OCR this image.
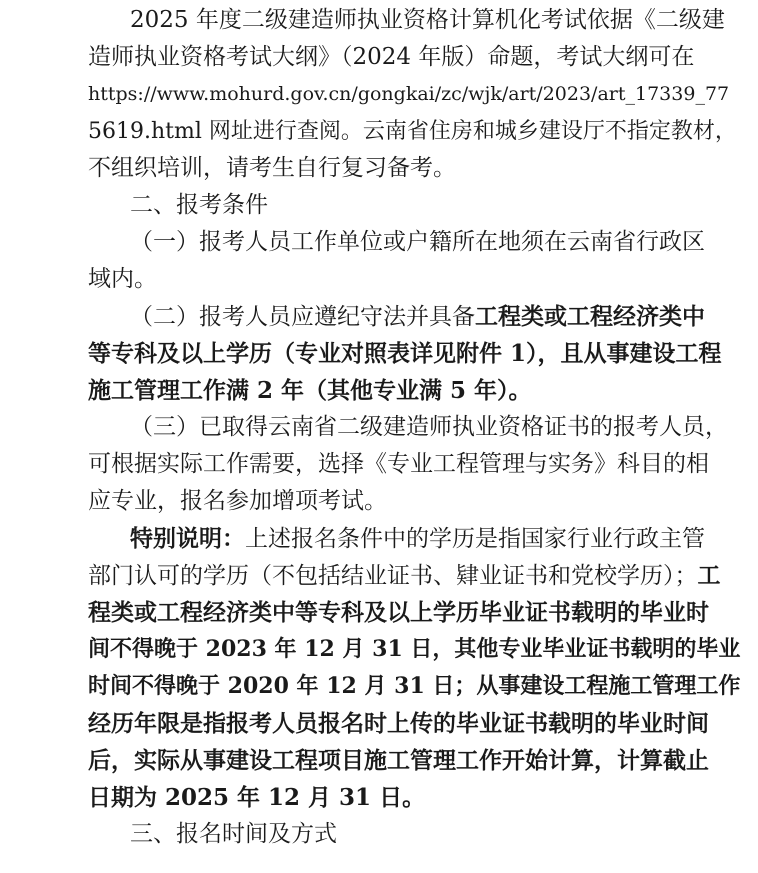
2025 年度二级建造师执业资格计算机化考试依据《二级建
造师执业资格考试大纲》（2024 年版）命题，考试大纲可在
https://www.mohurd.gov.cn/gongkai/zc/wjk/art/2023/art_17339_77
5619.html 网址进行查阅。云南省住房和城乡建设厅不指定教材，
不组织培训，请考生自行复习备考。
二、报考条件
（一）报考人员工作单位或户籍所在地须在云南省行政区
域内。
（二）报考人员应遵纪守法并具备工程类或工程经济类中
等专科及以上学历（专业对照表详见附件 1），且从事建设工程
施工管理工作满 2 年（其他专业满 5 年）。
（三）已取得云南省二级建造师执业资格证书的报考人员，
可根据实际工作需要，选择《专业工程管理与实务》科目的相
应专业，报名参加增项考试。
特别说明：上述报名条件中的学历是指国家行业行政主管
部门认可的学历（不包括结业证书、肄业证书和党校学历）；工
程类或工程经济类中等专科及以上学历毕业证书载明的毕业时
间不得晚于 2023 年 12 月 31 日，其他专业毕业证书载明的毕业
时间不得晚于 2020 年 12 月 31 日；从事建设工程施工管理工作
经历年限是指报考人员报名时上传的毕业证书载明的毕业时间
后，实际从事建设工程项目施工管理工作开始计算，计算截止
日期为 2025 年 12 月 31 日。
三、报名时间及方式
